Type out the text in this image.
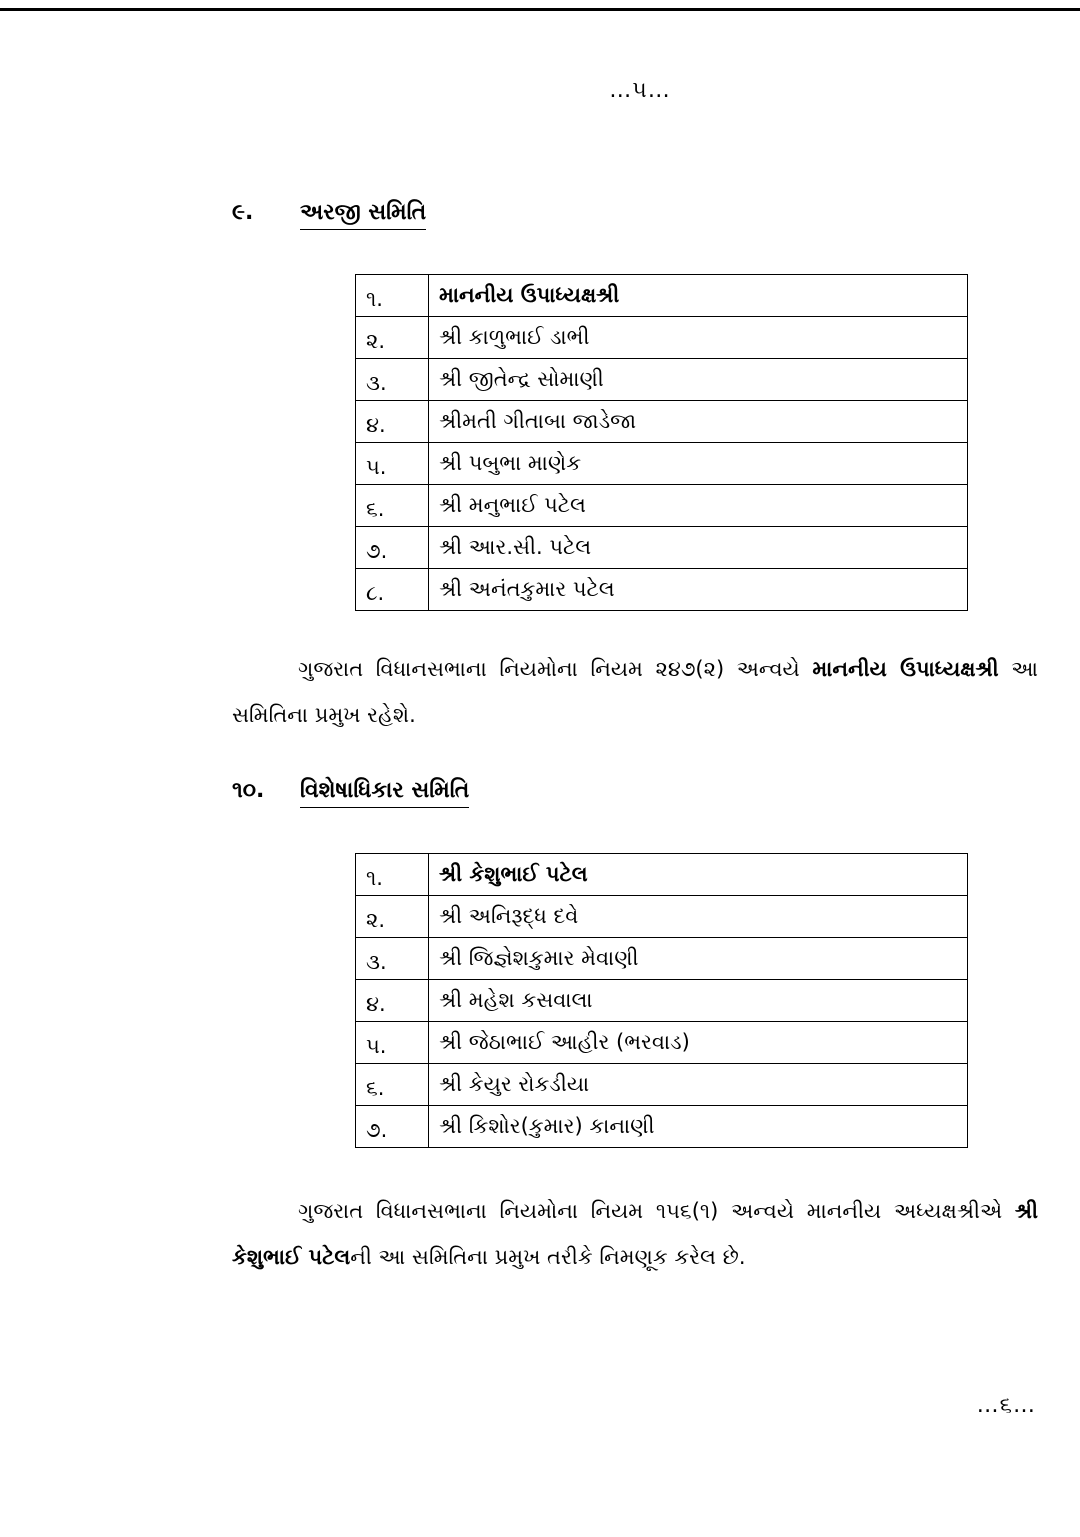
…૫…
૯.	અરજી સમિતિ
૧.	માનનીય ઉપાધ્યક્ષશ્રી
૨.	શ્રી કાળુભાઈ ડાભી
૩.	શ્રી જીતેન્દ્ર સોમાણી
૪.	શ્રીમતી ગીતાબા જાડેજા
૫.	શ્રી પબુભા માણેક
૬.	શ્રી મનુભાઈ પટેલ
૭.	શ્રી આર.સી. પટેલ
૮.	શ્રી અનંતકુમાર પટેલ
ગુજરાત વિધાનસભાના નિયમોના નિયમ ૨૪૭(૨) અન્વયે માનનીય ઉપાધ્યક્ષશ્રી આ સમિતિના પ્રમુખ રહેશે.
૧૦.	વિશેષાધિકાર સમિતિ
૧.	શ્રી કેશુભાઈ પટેલ
૨.	શ્રી અનિરૂદ્ધ દવે
૩.	શ્રી જિજ્ઞેશકુમાર મેવાણી
૪.	શ્રી મહેશ કસવાલા
૫.	શ્રી જેઠાભાઈ આહીર (ભરવાડ)
૬.	શ્રી કેયુર રોકડીયા
૭.	શ્રી કિશોર(કુમાર) કાનાણી
ગુજરાત વિધાનસભાના નિયમોના નિયમ ૧૫૬(૧) અન્વયે માનનીય અધ્યક્ષશ્રીએ શ્રી કેશુભાઈ પટેલની આ સમિતિના પ્રમુખ તરીકે નિમણૂક કરેલ છે.
…૬…
